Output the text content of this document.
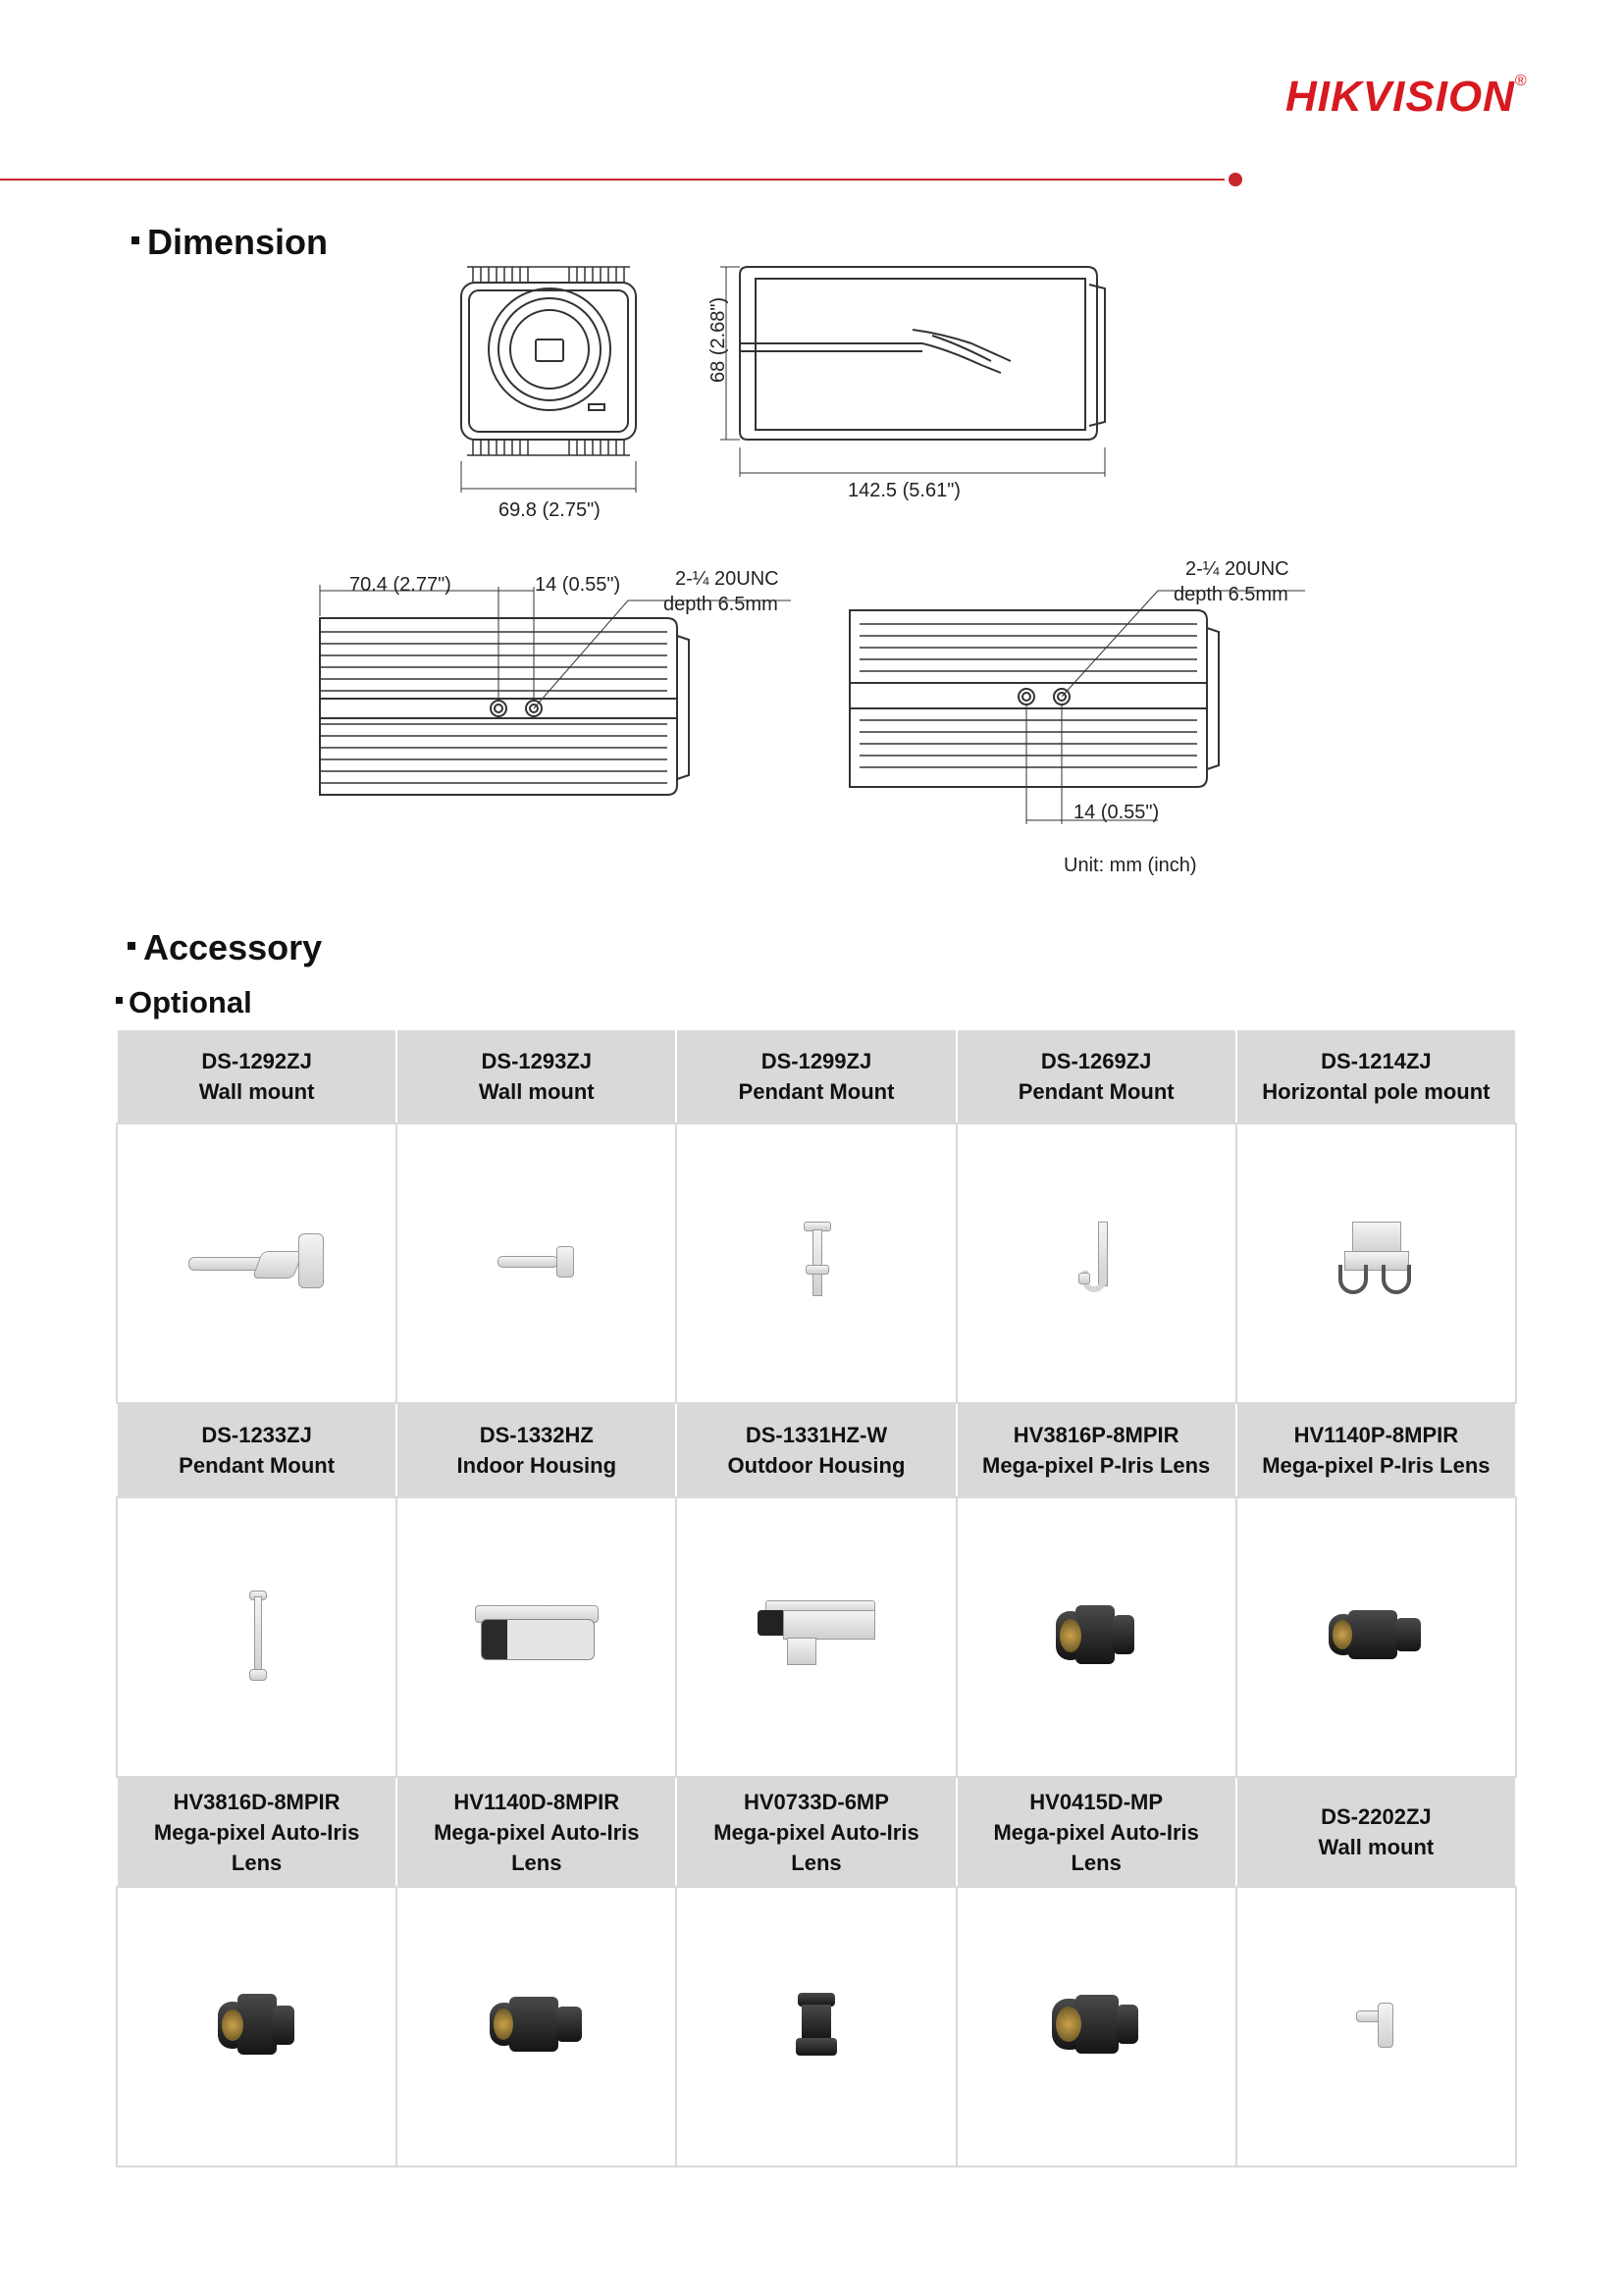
HIKVISION®
Dimension
69.8 (2.75")
68 (2.68")
142.5 (5.61")
70.4 (2.77")	14 (0.55")	2-¼ 20UNC
depth 6.5mm
2-¼ 20UNC
depth 6.5mm
14 (0.55")
Unit: mm (inch)
Accessory
Optional
DS-1292ZJ
Wall mount	DS-1293ZJ
Wall mount	DS-1299ZJ
Pendant Mount	DS-1269ZJ
Pendant Mount	DS-1214ZJ
Horizontal pole mount

DS-1233ZJ
Pendant Mount	DS-1332HZ
Indoor Housing	DS-1331HZ-W
Outdoor Housing	HV3816P-8MPIR
Mega-pixel P-Iris Lens	HV1140P-8MPIR
Mega-pixel P-Iris Lens

HV3816D-8MPIR
Mega-pixel Auto-Iris
Lens	HV1140D-8MPIR
Mega-pixel Auto-Iris
Lens	HV0733D-6MP
Mega-pixel Auto-Iris
Lens	HV0415D-MP
Mega-pixel Auto-Iris
Lens	DS-2202ZJ
Wall mount
